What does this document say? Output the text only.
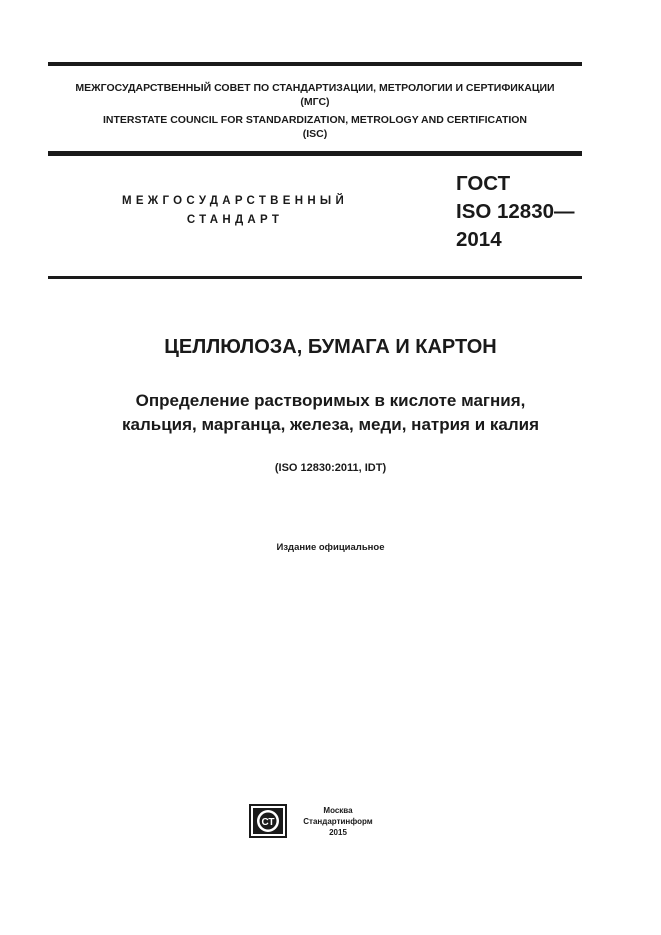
МЕЖГОСУДАРСТВЕННЫЙ СОВЕТ ПО СТАНДАРТИЗАЦИИ, МЕТРОЛОГИИ И СЕРТИФИКАЦИИ
(МГС)
INTERSTATE COUNCIL FOR STANDARDIZATION, METROLOGY AND CERTIFICATION
(ISC)
МЕЖГОСУДАРСТВЕННЫЙ
СТАНДАРТ
ГОСТ
ISO 12830—
2014
ЦЕЛЛЮЛОЗА, БУМАГА И КАРТОН
Определение растворимых в кислоте магния,
кальция, марганца, железа, меди, натрия и калия
(ISO 12830:2011, IDT)
Издание официальное
СТ
Москва
Стандартинформ
2015
